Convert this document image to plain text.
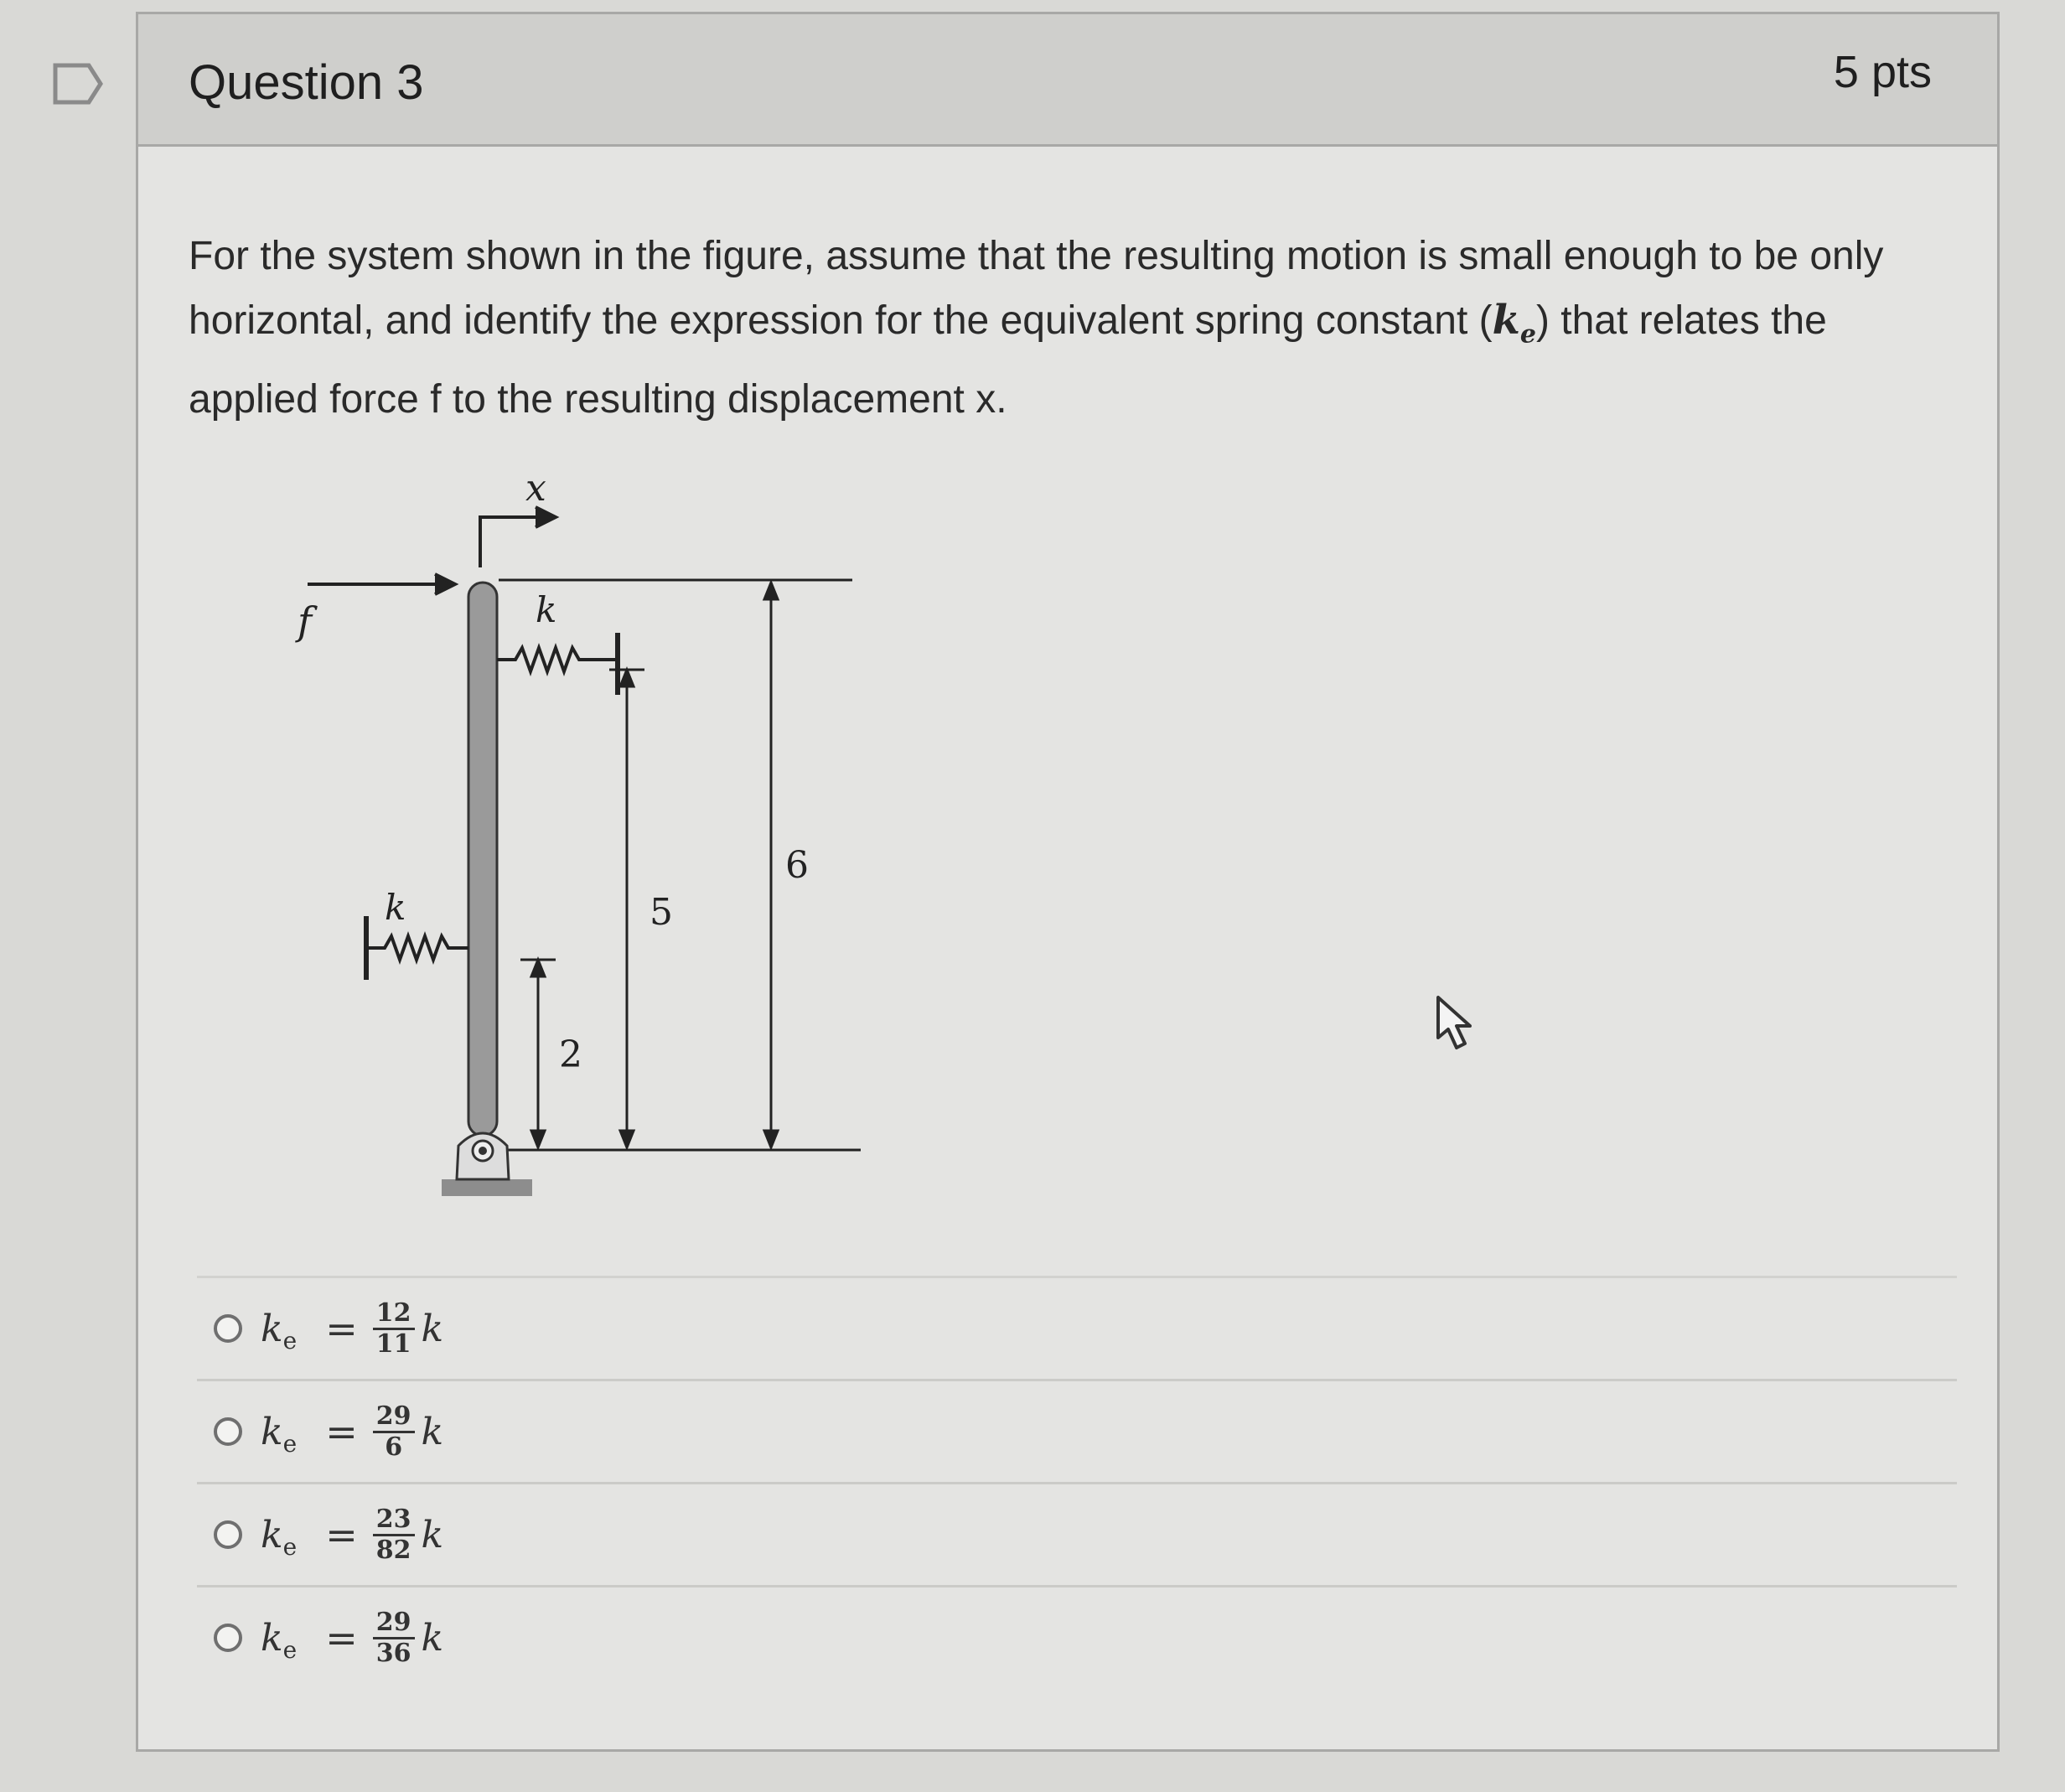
Question 3	5 pts
For the system shown in the figure, assume that the resulting motion is small enough to be only horizontal, and identify the expression for the equivalent spring constant $(k_e)$ that relates the applied force f to the resulting displacement x.
x
f	k
k
2
5
6
k $e = \frac{12}{11}$ k
k $e = \frac{29}{6}$ k
k $e = \frac{23}{82}$ k
k $e = \frac{29}{36}$ k
